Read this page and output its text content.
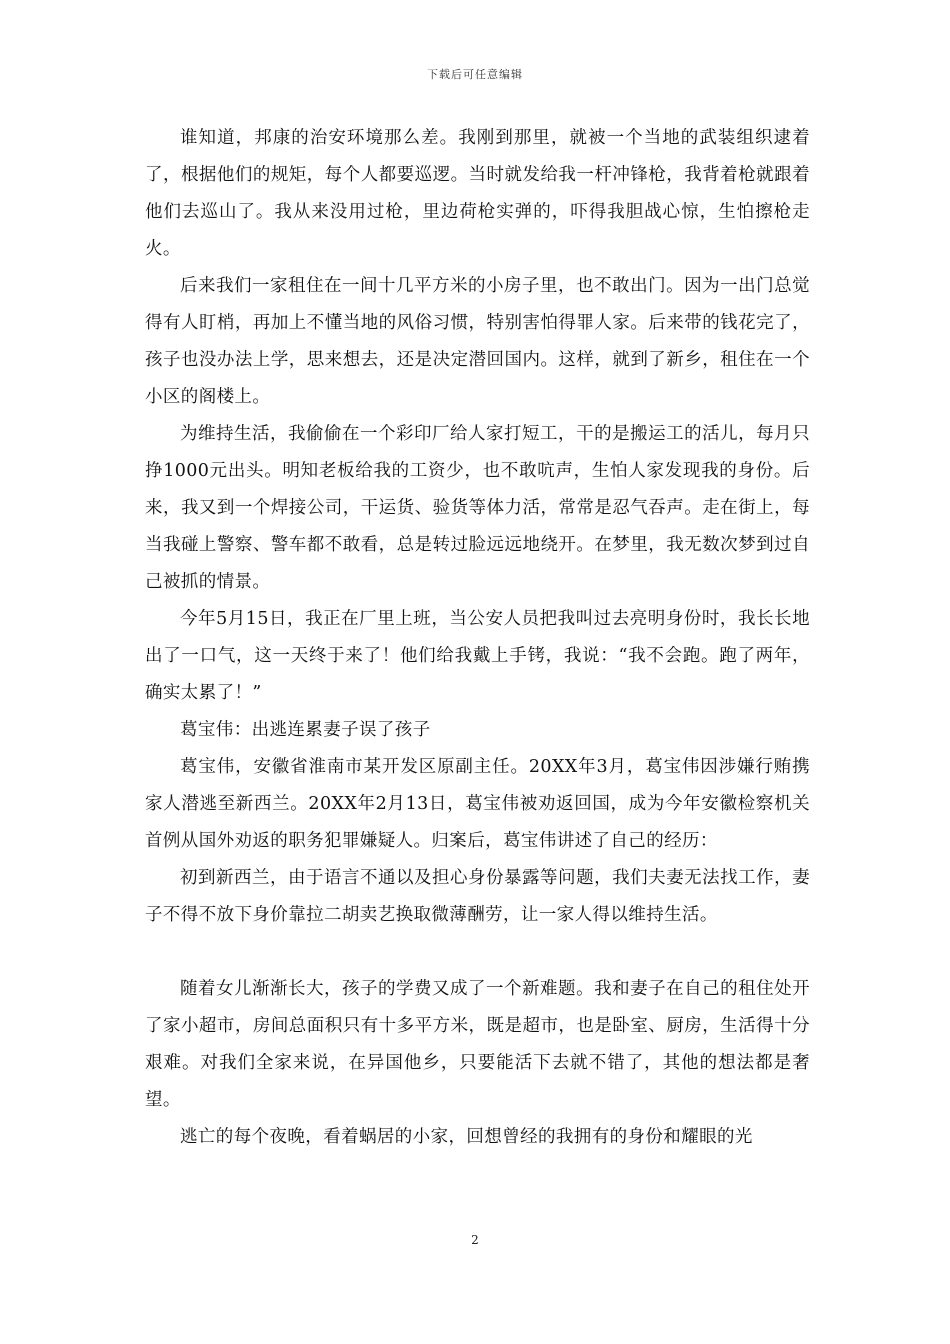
下载后可任意编辑

谁知道，邦康的治安环境那么差。我刚到那里，就被一个当地的武装组织逮着了，根据他们的规矩，每个人都要巡逻。当时就发给我一杆冲锋枪，我背着枪就跟着他们去巡山了。我从来没用过枪，里边荷枪实弹的，吓得我胆战心惊，生怕擦枪走火。

后来我们一家租住在一间十几平方米的小房子里，也不敢出门。因为一出门总觉得有人盯梢，再加上不懂当地的风俗习惯，特别害怕得罪人家。后来带的钱花完了，孩子也没办法上学，思来想去，还是决定潜回国内。这样，就到了新乡，租住在一个小区的阁楼上。

为维持生活，我偷偷在一个彩印厂给人家打短工，干的是搬运工的活儿，每月只挣1000元出头。明知老板给我的工资少，也不敢吭声，生怕人家发现我的身份。后来，我又到一个焊接公司，干运货、验货等体力活，常常是忍气吞声。走在街上，每当我碰上警察、警车都不敢看，总是转过脸远远地绕开。在梦里，我无数次梦到过自己被抓的情景。

今年5月15日，我正在厂里上班，当公安人员把我叫过去亮明身份时，我长长地出了一口气，这一天终于来了！他们给我戴上手铐，我说：“我不会跑。跑了两年，确实太累了！”

葛宝伟：出逃连累妻子误了孩子

葛宝伟，安徽省淮南市某开发区原副主任。20XX年3月，葛宝伟因涉嫌行贿携家人潜逃至新西兰。20XX年2月13日，葛宝伟被劝返回国，成为今年安徽检察机关首例从国外劝返的职务犯罪嫌疑人。归案后，葛宝伟讲述了自己的经历：

初到新西兰，由于语言不通以及担心身份暴露等问题，我们夫妻无法找工作，妻子不得不放下身价靠拉二胡卖艺换取微薄酬劳，让一家人得以维持生活。

随着女儿渐渐长大，孩子的学费又成了一个新难题。我和妻子在自己的租住处开了家小超市，房间总面积只有十多平方米，既是超市，也是卧室、厨房，生活得十分艰难。对我们全家来说，在异国他乡，只要能活下去就不错了，其他的想法都是奢望。

逃亡的每个夜晚，看着蜗居的小家，回想曾经的我拥有的身份和耀眼的光

2
